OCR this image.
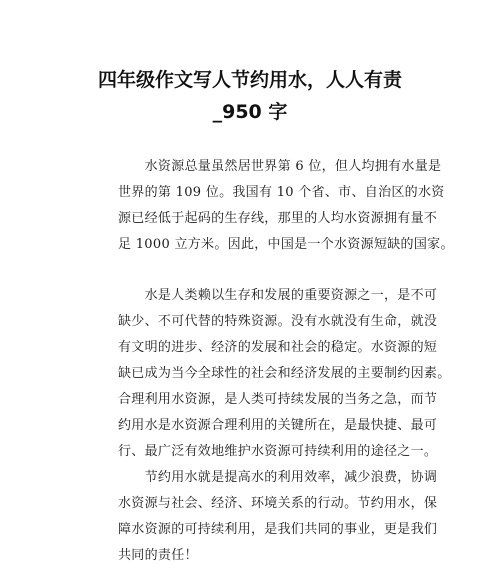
四年级作文写人节约用水，人人有责
_950 字
　　水资源总量虽然居世界第 6 位，但人均拥有水量是
世界的第 109 位。我国有 10 个省、市、自治区的水资
源已经低于起码的生存线，那里的人均水资源拥有量不
足 1000 立方米。因此，中国是一个水资源短缺的国家。
　　水是人类赖以生存和发展的重要资源之一，是不可
缺少、不可代替的特殊资源。没有水就没有生命，就没
有文明的进步、经济的发展和社会的稳定。水资源的短
缺已成为当今全球性的社会和经济发展的主要制约因素。
合理利用水资源，是人类可持续发展的当务之急，而节
约用水是水资源合理利用的关键所在，是最快捷、最可
行、最广泛有效地维护水资源可持续利用的途径之一。
　　节约用水就是提高水的利用效率，减少浪费，协调
水资源与社会、经济、环境关系的行动。节约用水，保
障水资源的可持续利用，是我们共同的事业，更是我们
共同的责任！
